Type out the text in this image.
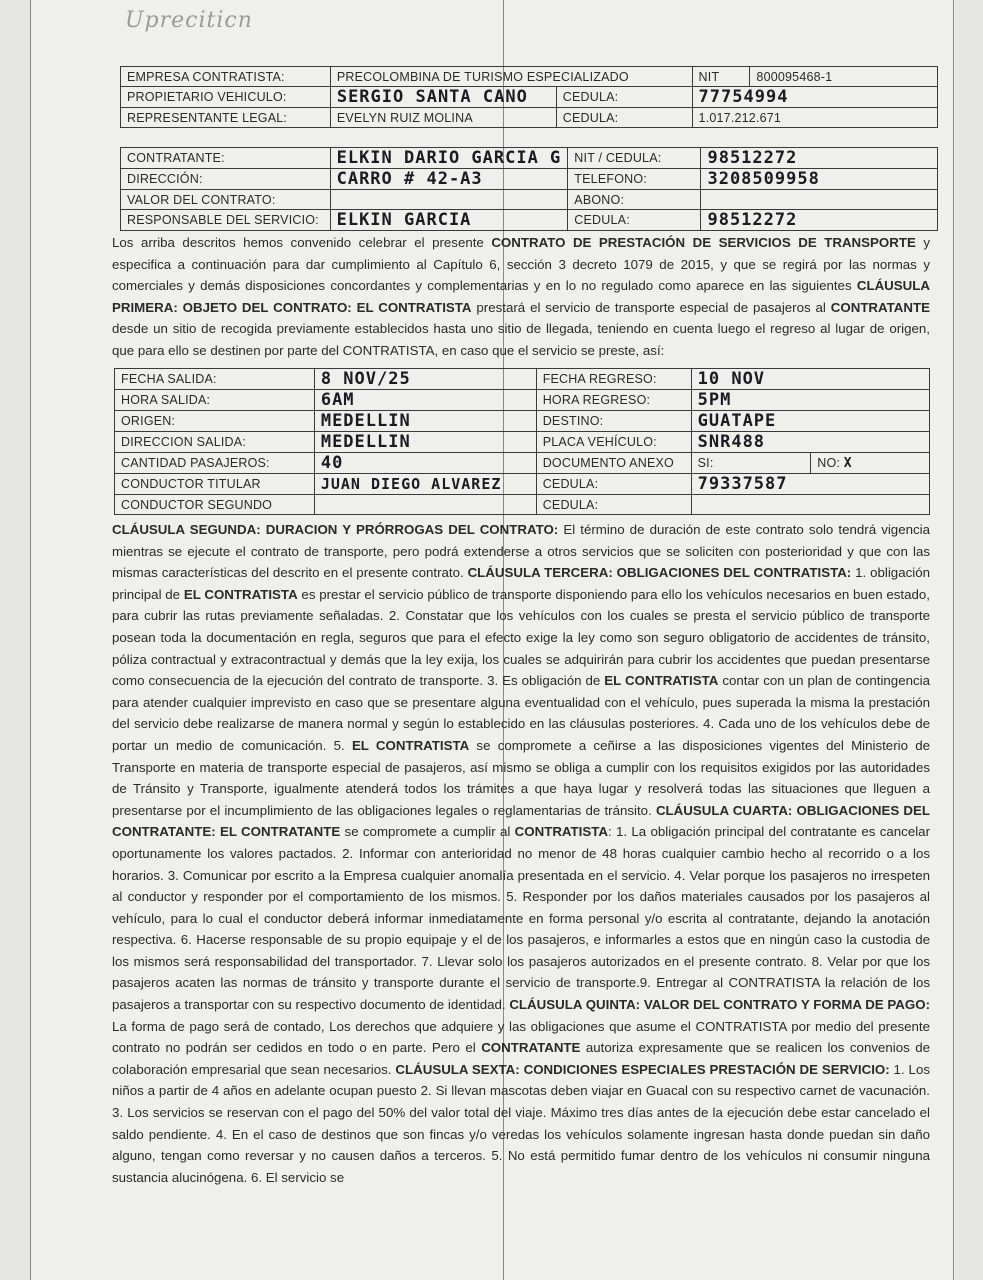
Upreciticn
EMPRESA CONTRATISTA:	PRECOLOMBINA DE TURISMO ESPECIALIZADO		NIT	800095468-1
PROPIETARIO VEHICULO:	SERGIO SANTA CANO	CEDULA:	77754994	
REPRESENTANTE LEGAL:	EVELYN RUIZ MOLINA	CEDULA:	1.017.212.671	
CONTRATANTE:	ELKIN DARIO GARCIA G	NIT / CEDULA:	98512272
DIRECCIÓN:	CARRO # 42-A3	TELEFONO:	3208509958
VALOR DEL CONTRATO:		ABONO:	
RESPONSABLE DEL SERVICIO:	ELKIN GARCIA	CEDULA:	98512272
Los arriba descritos hemos convenido celebrar el presente CONTRATO DE PRESTACIÓN DE SERVICIOS DE TRANSPORTE y especifica a continuación para dar cumplimiento al Capítulo 6, sección 3 decreto 1079 de 2015, y que se regirá por las normas y comerciales y demás disposiciones concordantes y complementarias y en lo no regulado como aparece en las siguientes CLÁUSULA PRIMERA: OBJETO DEL CONTRATO: EL CONTRATISTA prestará el servicio de transporte especial de pasajeros al CONTRATANTE desde un sitio de recogida previamente establecidos hasta uno sitio de llegada, teniendo en cuenta luego el regreso al lugar de origen, que para ello se destinen por parte del CONTRATISTA, en caso que el servicio se preste, así:
FECHA SALIDA:	8 NOV/25	FECHA REGRESO:	10 NOV	
HORA SALIDA:	6AM	HORA REGRESO:	5PM	
ORIGEN:	MEDELLIN	DESTINO:	GUATAPE	
DIRECCION SALIDA:	MEDELLIN	PLACA VEHÍCULO:	SNR488	
CANTIDAD PASAJEROS:	40	DOCUMENTO ANEXO	SI:	NO: X
CONDUCTOR TITULAR	JUAN DIEGO ALVAREZ	CEDULA:	79337587	
CONDUCTOR SEGUNDO		CEDULA:		
CLÁUSULA SEGUNDA: DURACION Y PRÓRROGAS DEL CONTRATO: El término de duración de este contrato solo tendrá vigencia mientras se ejecute el contrato de transporte, pero podrá extenderse a otros servicios que se soliciten con posterioridad y que con las mismas características del descrito en el presente contrato. CLÁUSULA TERCERA: OBLIGACIONES DEL CONTRATISTA: 1. obligación principal de EL CONTRATISTA es prestar el servicio público de transporte disponiendo para ello los vehículos necesarios en buen estado, para cubrir las rutas previamente señaladas. 2. Constatar que los vehículos con los cuales se presta el servicio público de transporte posean toda la documentación en regla, seguros que para el efecto exige la ley como son seguro obligatorio de accidentes de tránsito, póliza contractual y extracontractual y demás que la ley exija, los cuales se adquirirán para cubrir los accidentes que puedan presentarse como consecuencia de la ejecución del contrato de transporte. 3. Es obligación de EL CONTRATISTA contar con un plan de contingencia para atender cualquier imprevisto en caso que se presentare alguna eventualidad con el vehículo, pues superada la misma la prestación del servicio debe realizarse de manera normal y según lo establecido en las cláusulas posteriores. 4. Cada uno de los vehículos debe de portar un medio de comunicación. 5. EL CONTRATISTA se compromete a ceñirse a las disposiciones vigentes del Ministerio de Transporte en materia de transporte especial de pasajeros, así mismo se obliga a cumplir con los requisitos exigidos por las autoridades de Tránsito y Transporte, igualmente atenderá todos los trámites a que haya lugar y resolverá todas las situaciones que lleguen a presentarse por el incumplimiento de las obligaciones legales o reglamentarias de tránsito. CLÁUSULA CUARTA: OBLIGACIONES DEL CONTRATANTE: EL CONTRATANTE se compromete a cumplir al CONTRATISTA: 1. La obligación principal del contratante es cancelar oportunamente los valores pactados. 2. Informar con anterioridad no menor de 48 horas cualquier cambio hecho al recorrido o a los horarios. 3. Comunicar por escrito a la Empresa cualquier anomalía presentada en el servicio. 4. Velar porque los pasajeros no irrespeten al conductor y responder por el comportamiento de los mismos. 5. Responder por los daños materiales causados por los pasajeros al vehículo, para lo cual el conductor deberá informar inmediatamente en forma personal y/o escrita al contratante, dejando la anotación respectiva. 6. Hacerse responsable de su propio equipaje y el de los pasajeros, e informarles a estos que en ningún caso la custodia de los mismos será responsabilidad del transportador. 7. Llevar solo los pasajeros autorizados en el presente contrato. 8. Velar por que los pasajeros acaten las normas de tránsito y transporte durante el servicio de transporte.9. Entregar al CONTRATISTA la relación de los pasajeros a transportar con su respectivo documento de identidad. CLÁUSULA QUINTA: VALOR DEL CONTRATO Y FORMA DE PAGO: La forma de pago será de contado, Los derechos que adquiere y las obligaciones que asume el CONTRATISTA por medio del presente contrato no podrán ser cedidos en todo o en parte. Pero el CONTRATANTE autoriza expresamente que se realicen los convenios de colaboración empresarial que sean necesarios. CLÁUSULA SEXTA: CONDICIONES ESPECIALES PRESTACIÓN DE SERVICIO: 1. Los niños a partir de 4 años en adelante ocupan puesto 2. Si llevan mascotas deben viajar en Guacal con su respectivo carnet de vacunación. 3. Los servicios se reservan con el pago del 50% del valor total del viaje. Máximo tres días antes de la ejecución debe estar cancelado el saldo pendiente. 4. En el caso de destinos que son fincas y/o veredas los vehículos solamente ingresan hasta donde puedan sin daño alguno, tengan como reversar y no causen daños a terceros. 5. No está permitido fumar dentro de los vehículos ni consumir ninguna sustancia alucinógena. 6. El servicio se
